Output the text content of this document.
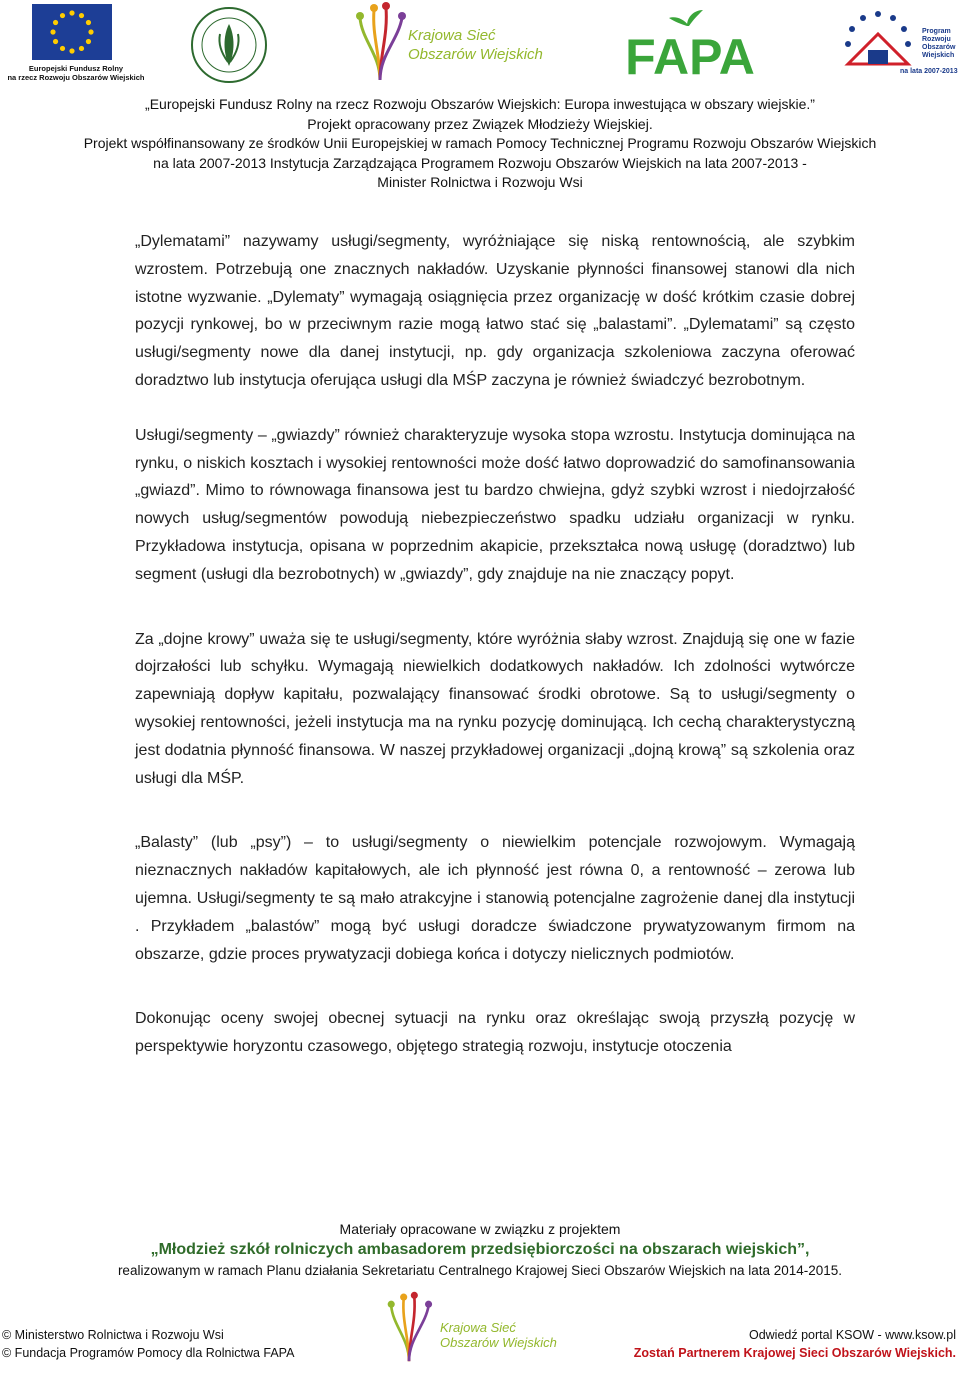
Europejski Fundusz Rolny
na rzecz Rozwoju Obszarów Wiejskich
Krajowa Sieć
Obszarów Wiejskich FAPA	Program
Rozwoju
Obszarów
Wiejskich
na lata 2007-2013
„Europejski Fundusz Rolny na rzecz Rozwoju Obszarów Wiejskich: Europa inwestująca w obszary wiejskie.”
Projekt opracowany przez Związek Młodzieży Wiejskiej.
Projekt współfinansowany ze środków Unii Europejskiej w ramach Pomocy Technicznej Programu Rozwoju Obszarów Wiejskich
na lata 2007-2013 Instytucja Zarządzająca Programem Rozwoju Obszarów Wiejskich na lata 2007-2013 -
Minister Rolnictwa i Rozwoju Wsi

„Dylematami” nazywamy usługi/segmenty, wyróżniające się niską rentownością, ale szybkim wzrostem. Potrzebują one znacznych nakładów. Uzyskanie płynności finansowej stanowi dla nich istotne wyzwanie. „Dylematy” wymagają osiągnięcia przez organizację w dość krótkim czasie dobrej pozycji rynkowej, bo w przeciwnym razie mogą łatwo stać się „balastami”. „Dylematami” są często usługi/segmenty nowe dla danej instytucji, np. gdy organizacja szkoleniowa zaczyna oferować doradztwo lub instytucja oferująca usługi dla MŚP zaczyna je również świadczyć bezrobotnym.

Usługi/segmenty – „gwiazdy” również charakteryzuje wysoka stopa wzrostu. Instytucja dominująca na rynku, o niskich kosztach i wysokiej rentowności może dość łatwo doprowadzić do samofinansowania „gwiazd”. Mimo to równowaga finansowa jest tu bardzo chwiejna, gdyż szybki wzrost i niedojrzałość nowych usług/segmentów powodują niebezpieczeństwo spadku udziału organizacji w rynku. Przykładowa instytucja, opisana w poprzednim akapicie, przekształca nową usługę (doradztwo) lub segment (usługi dla bezrobotnych) w „gwiazdy”, gdy znajduje na nie znaczący popyt.

Za „dojne krowy” uważa się te usługi/segmenty, które wyróżnia słaby wzrost. Znajdują się one w fazie dojrzałości lub schyłku. Wymagają niewielkich dodatkowych nakładów. Ich zdolności wytwórcze zapewniają dopływ kapitału, pozwalający finansować środki obrotowe. Są to usługi/segmenty o wysokiej rentowności, jeżeli instytucja ma na rynku pozycję dominującą. Ich cechą charakterystyczną jest dodatnia płynność finansowa. W naszej przykładowej organizacji „dojną krową” są szkolenia oraz usługi dla MŚP.

„Balasty” (lub „psy”) – to usługi/segmenty o niewielkim potencjale rozwojowym. Wymagają nieznacznych nakładów kapitałowych, ale ich płynność jest równa 0, a rentowność – zerowa lub ujemna. Usługi/segmenty te są mało atrakcyjne i stanowią potencjalne zagrożenie danej dla instytucji . Przykładem „balastów” mogą być usługi doradcze świadczone prywatyzowanym firmom na obszarze, gdzie proces prywatyzacji dobiega końca i dotyczy nielicznych podmiotów.

Dokonując oceny swojej obecnej sytuacji na rynku oraz określając swoją przyszłą pozycję w perspektywie horyzontu czasowego, objętego strategią rozwoju, instytucje otoczenia

Materiały opracowane w związku z projektem
„Młodzież szkół rolniczych ambasadorem przedsiębiorczości na obszarach wiejskich”,
realizowanym w ramach Planu działania Sekretariatu Centralnego Krajowej Sieci Obszarów Wiejskich na lata 2014-2015.
© Ministerstwo Rolnictwa i Rozwoju Wsi
© Fundacja Programów Pomocy dla Rolnictwa FAPA
Krajowa Sieć
Obszarów Wiejskich	Odwiedź portal KSOW - www.ksow.pl
Zostań Partnerem Krajowej Sieci Obszarów Wiejskich.
